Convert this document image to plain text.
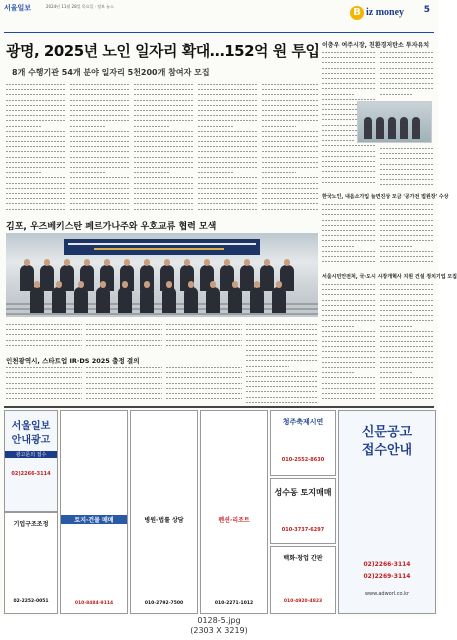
서울일보	2024년 11월 28일 목요일 · 정보 뉴스
B iz money 5
광명, 2025년 노인 일자리 확대…152억 원 투입
8개 수행기관 54개 분야 일자리 5천200개 참여자 모집
이충우 여주시장, 친환경저탄소 투자유치
한국노인, 내음소가입 늘면진상 모금 '공가전 법원장' 수상
서울시민안전처, 국·도시 시장개혁사 지원 건설 정치기업 모집
김포, 우즈베키스탄 페르가나주와 우호교류 협력 모색
인천광역시, 스타트업 IR·DS 2025 출정 결의
서울일보
안내광고
광고문의 접수
02)2266-3114
기업구조조정
02-2252-0051
토지·건물 매매
010-8484-9114
병원·법률 상담
010-2792-7500
펜션·리조트
010-2271-1012
청주축제시연
010-2552-8630
성수동 토지매매
010-3737-6297
백화·창업 간판
010-4920-4823
신문공고
접수안내
02)2266-3114
02)2269-3114
www.adworl.co.kr
0128-5.jpg
(2303 X 3219)
